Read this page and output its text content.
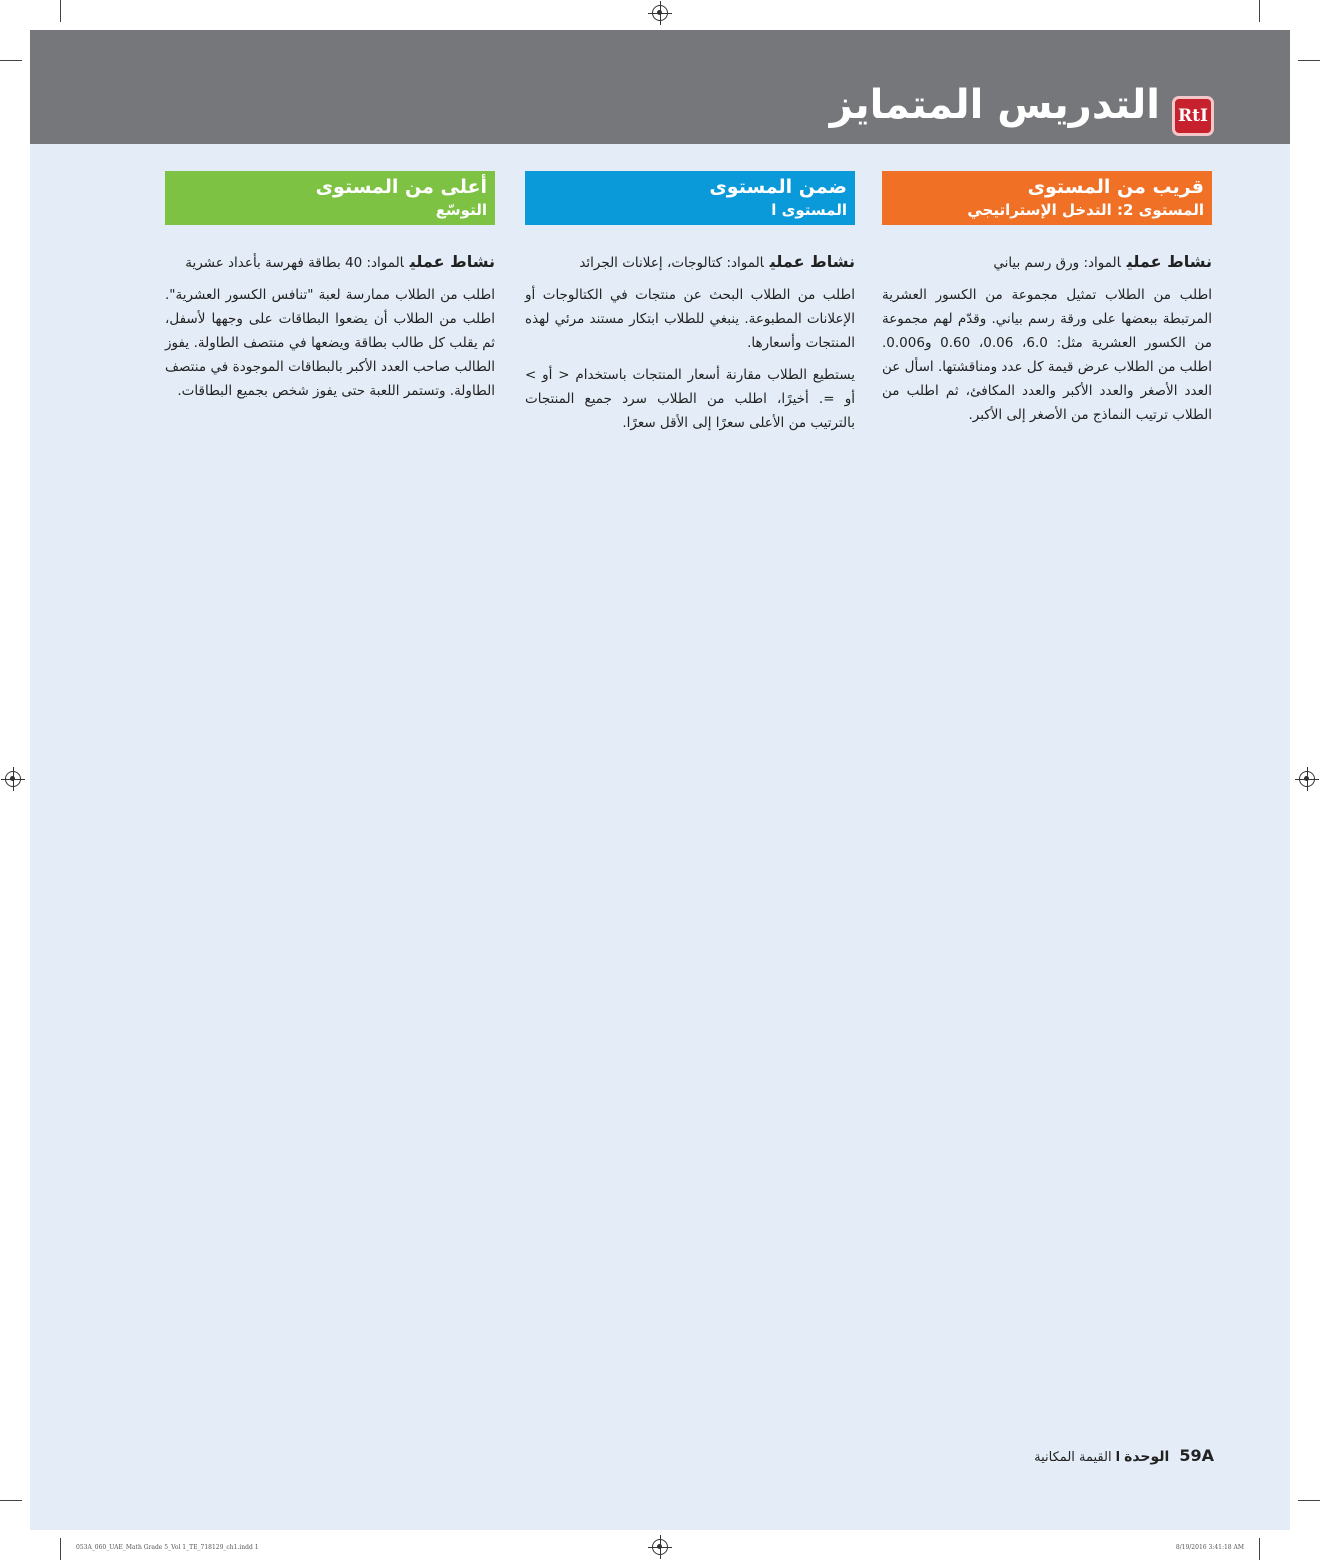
التدريس المتمايز	RtI
قريب من المستوى
المستوى 2: التدخل الإستراتيجي

نشاط عمليالمواد: ورق رسم بياني

اطلب من الطلاب تمثيل مجموعة من الكسور العشرية المرتبطة ببعضها على ورقة رسم بياني. وقدّم لهم مجموعة من الكسور العشرية مثل: 6.0، 0.06، 0.60 و0.006. اطلب من الطلاب عرض قيمة كل عدد ومناقشتها. اسأل عن العدد الأصغر والعدد الأكبر والعدد المكافئ، ثم اطلب من الطلاب ترتيب النماذج من الأصغر إلى الأكبر.

ضمن المستوى
المستوى ا

نشاط عمليالمواد: كتالوجات، إعلانات الجرائد

اطلب من الطلاب البحث عن منتجات في الكتالوجات أو الإعلانات المطبوعة. ينبغي للطلاب ابتكار مستند مرئي لهذه المنتجات وأسعارها.

يستطيع الطلاب مقارنة أسعار المنتجات باستخدام < أو > أو =. أخيرًا، اطلب من الطلاب سرد جميع المنتجات بالترتيب من الأعلى سعرًا إلى الأقل سعرًا.

أعلى من المستوى
التوسّع

نشاط عمليالمواد: 40 بطاقة فهرسة بأعداد عشرية

اطلب من الطلاب ممارسة لعبة "تنافس الكسور العشرية". اطلب من الطلاب أن يضعوا البطاقات على وجهها لأسفل، ثم يقلب كل طالب بطاقة ويضعها في منتصف الطاولة. يفوز الطالب صاحب العدد الأكبر بالبطاقات الموجودة في منتصف الطاولة. وتستمر اللعبة حتى يفوز شخص بجميع البطاقات.

59Aالوحدةاالقيمة المكانية
053A_060_UAE_Math Grade 5_Vol 1_TE_718129_ch1.indd 1	8/19/2016 3:41:18 AM
